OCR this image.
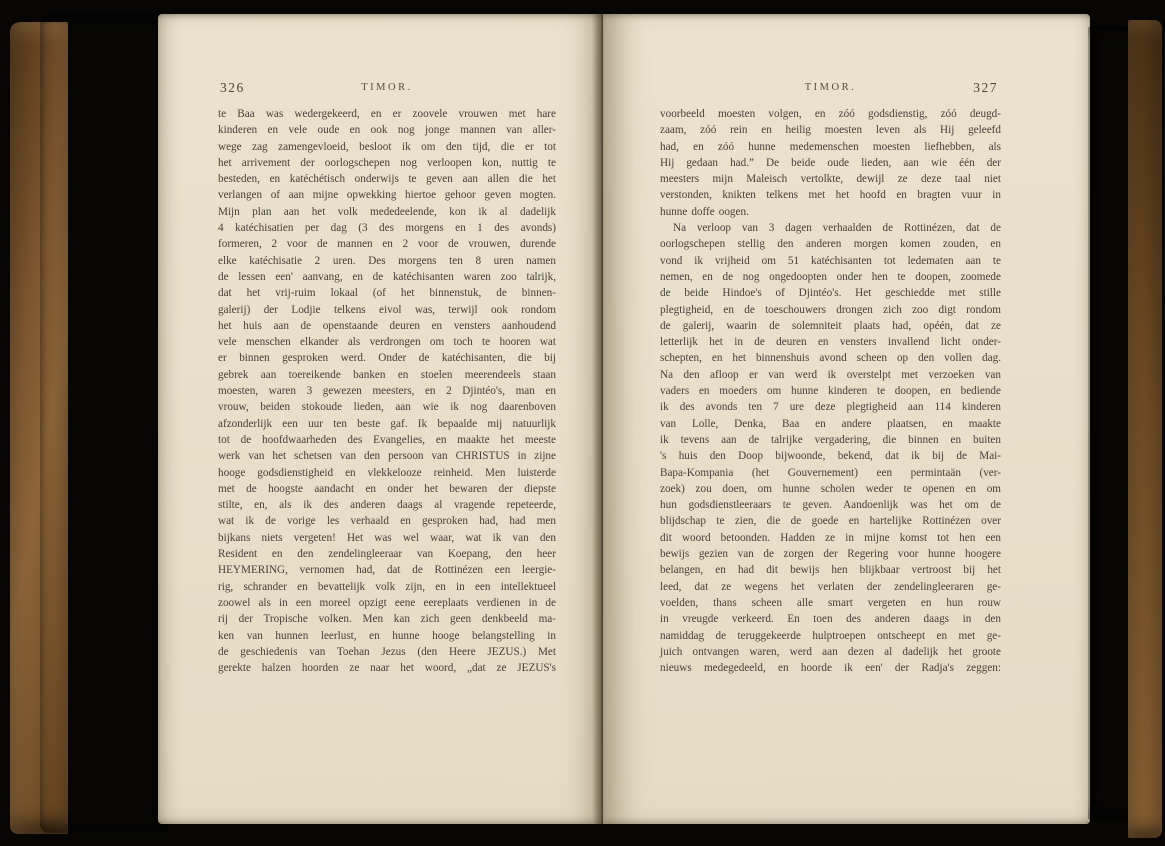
326	TIMOR.
te Baa was wedergekeerd, en er zoovele vrouwen met hare
kinderen en vele oude en ook nog jonge mannen van aller-
wege zag zamengevloeid, besloot ik om den tijd, die er tot
het arrivement der oorlogschepen nog verloopen kon, nuttig te
besteden, en katéchétisch onderwijs te geven aan allen die het
verlangen of aan mijne opwekking hiertoe gehoor geven mogten.
Mijn plan aan het volk mededeelende, kon ik al dadelijk
4 katéchisatien per dag (3 des morgens en 1 des avonds)
formeren, 2 voor de mannen en 2 voor de vrouwen, durende
elke katéchisatie 2 uren. Des morgens ten 8 uren namen
de lessen een' aanvang, en de katéchisanten waren zoo talrijk,
dat het vrij-ruim lokaal (of het binnenstuk, de binnen-
galerij) der Lodjie telkens eivol was, terwijl ook rondom
het huis aan de openstaande deuren en vensters aanhoudend
vele menschen elkander als verdrongen om toch te hooren wat
er binnen gesproken werd. Onder de katéchisanten, die bij
gebrek aan toereikende banken en stoelen meerendeels staan
moesten, waren 3 gewezen meesters, en 2 Djintéo's, man en
vrouw, beiden stokoude lieden, aan wie ik nog daarenboven
afzonderlijk een uur ten beste gaf. Ik bepaalde mij natuurlijk
tot de hoofdwaarheden des Evangelies, en maakte het meeste
werk van het schetsen van den persoon van CHRISTUS in zijne
hooge godsdienstigheid en vlekkelooze reinheid. Men luisterde
met de hoogste aandacht en onder het bewaren der diepste
stilte, en, als ik des anderen daags al vragende repeteerde,
wat ik de vorige les verhaald en gesproken had, had men
bijkans niets vergeten! Het was wel waar, wat ik van den
Resident en den zendelingleeraar van Koepang, den heer
HEYMERING, vernomen had, dat de Rottinézen een leergie-
rig, schrander en bevattelijk volk zijn, en in een intellektueel
zoowel als in een moreel opzigt eene eereplaats verdienen in de
rij der Tropische volken. Men kan zich geen denkbeeld ma-
ken van hunnen leerlust, en hunne hooge belangstelling in
de geschiedenis van Toehan Jezus (den Heere JEZUS.) Met
gerekte halzen hoorden ze naar het woord, „dat ze JEZUS's
TIMOR.	327
voorbeeld moesten volgen, en zóó godsdienstig, zóó deugd-
zaam, zóó rein en heilig moesten leven als Hij geleefd
had, en zóó hunne medemenschen moesten liefhebben, als
Hij gedaan had.” De beide oude lieden, aan wie één der
meesters mijn Maleisch vertolkte, dewijl ze deze taal niet
verstonden, knikten telkens met het hoofd en bragten vuur in
hunne doffe oogen.
Na verloop van 3 dagen verhaalden de Rottinézen, dat de
oorlogschepen stellig den anderen morgen komen zouden, en
vond ik vrijheid om 51 katéchisanten tot ledematen aan te
nemen, en de nog ongedoopten onder hen te doopen, zoomede
de beide Hindoe's of Djintéo's. Het geschiedde met stille
plegtigheid, en de toeschouwers drongen zich zoo digt rondom
de galerij, waarin de solemniteit plaats had, opéén, dat ze
letterlijk het in de deuren en vensters invallend licht onder-
schepten, en het binnenshuis avond scheen op den vollen dag.
Na den afloop er van werd ik overstelpt met verzoeken van
vaders en moeders om hunne kinderen te doopen, en bediende
ik des avonds ten 7 ure deze plegtigheid aan 114 kinderen
van Lolle, Denka, Baa en andere plaatsen, en maakte
ik tevens aan de talrijke vergadering, die binnen en buiten
's huis den Doop bijwoonde, bekend, dat ik bij de Mai-
Bapa-Kompania (het Gouvernement) een permintaän (ver-
zoek) zou doen, om hunne scholen weder te openen en om
hun godsdienstleeraars te geven. Aandoenlijk was het om de
blijdschap te zien, die de goede en hartelijke Rottinézen over
dit woord betoonden. Hadden ze in mijne komst tot hen een
bewijs gezien van de zorgen der Regering voor hunne hoogere
belangen, en had dit bewijs hen blijkbaar vertroost bij het
leed, dat ze wegens het verlaten der zendelingleeraren ge-
voelden, thans scheen alle smart vergeten en hun rouw
in vreugde verkeerd. En toen des anderen daags in den
namiddag de teruggekeerde hulptroepen ontscheept en met ge-
juich ontvangen waren, werd aan dezen al dadelijk het groote
nieuws medegedeeld, en hoorde ik een' der Radja's zeggen:
